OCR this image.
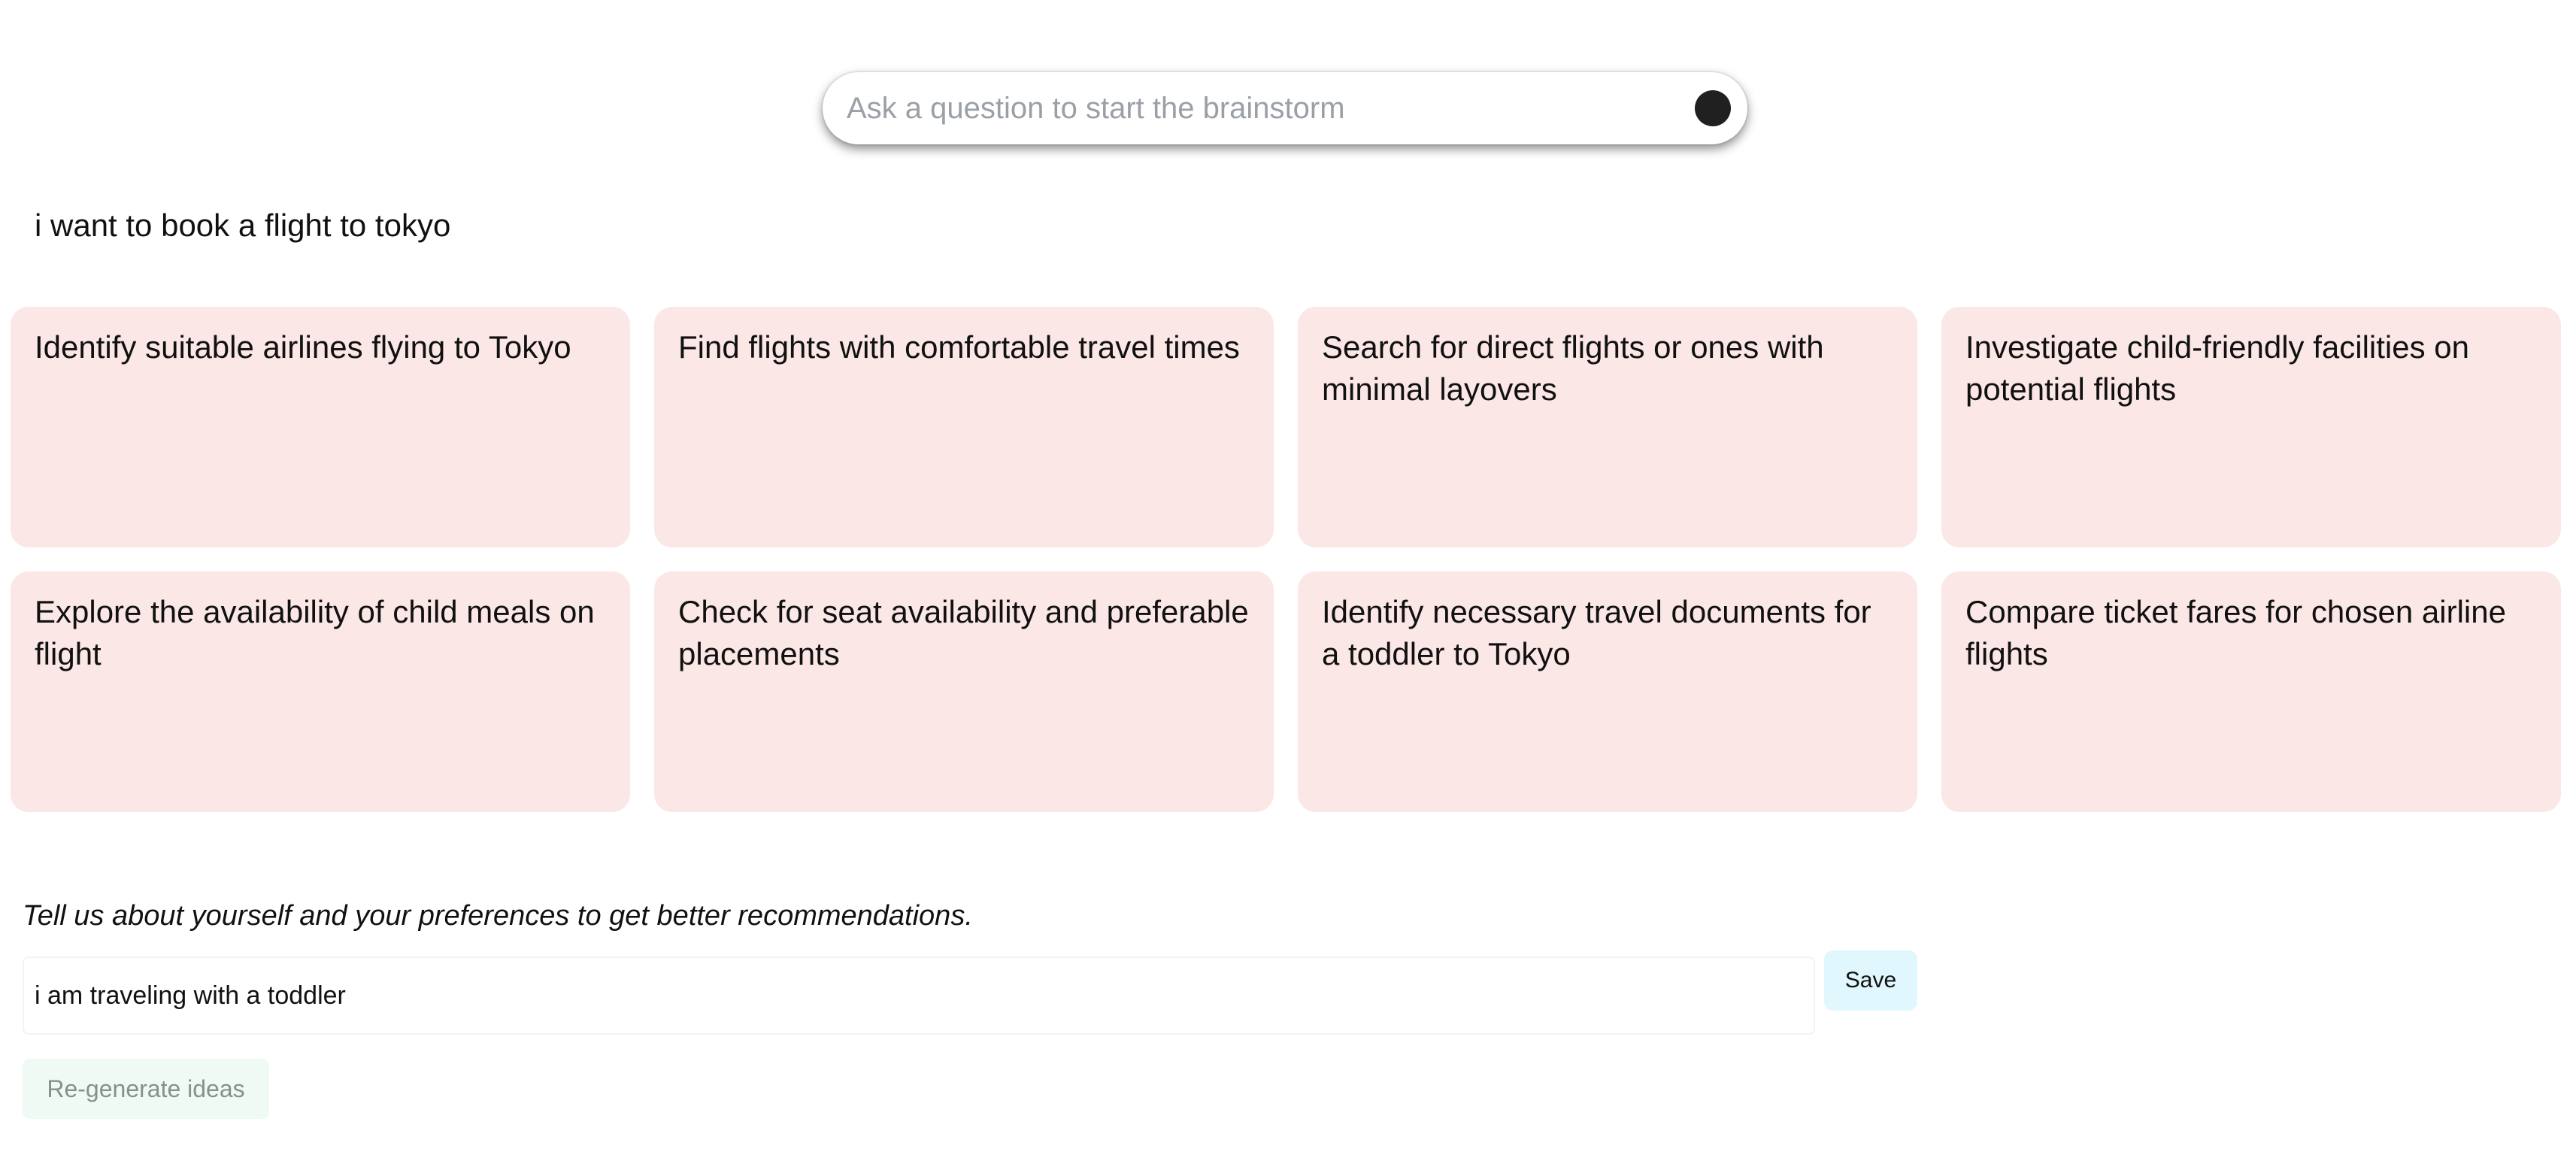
Ask a question to start the brainstorm
i want to book a flight to tokyo
Identify suitable airlines flying to Tokyo	Find flights with comfortable travel times	Search for direct flights or ones with minimal layovers
Investigate child-friendly facilities on potential flights
Explore the availability of child meals on flight
Check for seat availability and preferable placements
Identify necessary travel documents for a toddler to Tokyo
Compare ticket fares for chosen airline flights
Tell us about yourself and your preferences to get better recommendations.
i am traveling with a toddler
Save
Re-generate ideas
